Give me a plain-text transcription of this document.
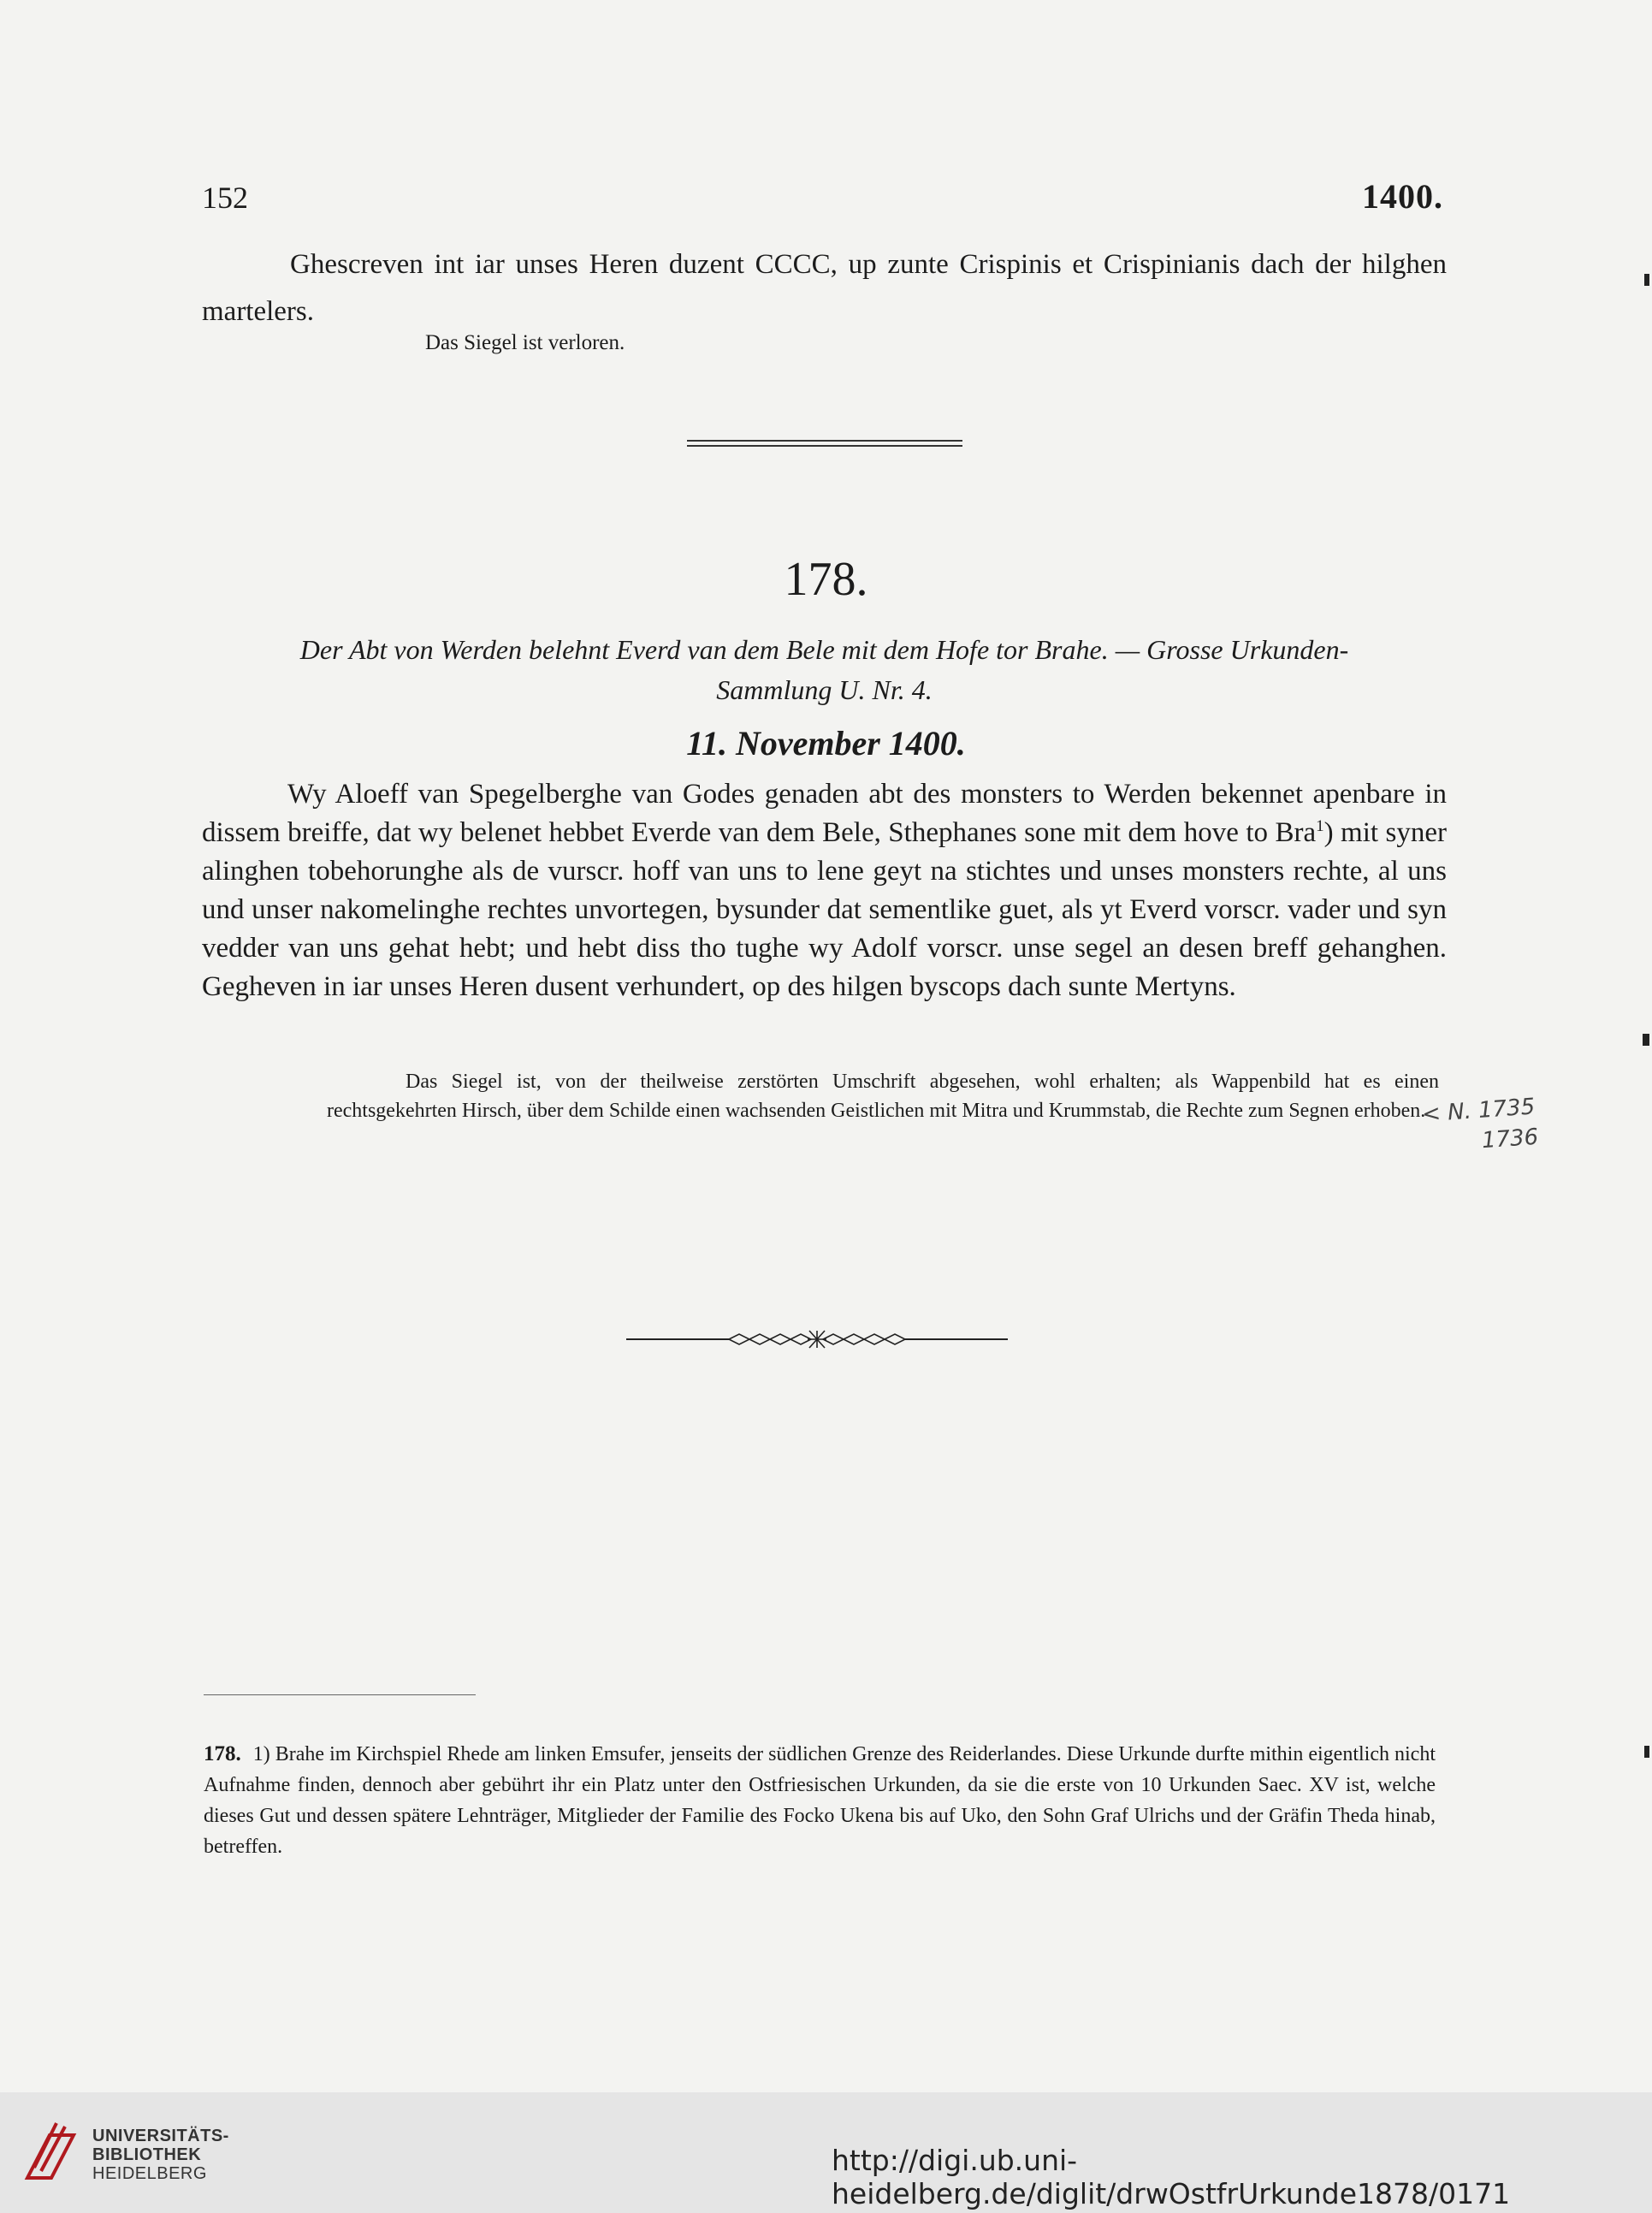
152	1400.

Ghescreven int iar unses Heren duzent CCCC, up zunte Crispinis et Crispinianis dach der hilghen martelers.

Das Siegel ist verloren.
178.
Der Abt von Werden belehnt Everd van dem Bele mit dem Hofe tor Brahe. — Grosse Urkunden-
Sammlung U. Nr. 4.
11. November 1400.

Wy Aloeff van Spegelberghe van Godes genaden abt des monsters to Werden bekennet apenbare in dissem breiffe, dat wy belenet hebbet Everde van dem Bele, Sthephanes sone mit dem hove to Bra$^1$) mit syner alinghen tobehorunghe als de vurscr. hoff van uns to lene geyt na stichtes und unses monsters rechte, al uns und unser nakomelinghe rechtes unvortegen, bysunder dat sementlike guet, als yt Everd vorscr. vader und syn vedder van uns gehat hebt; und hebt diss tho tughe wy Adolf vorscr. unse segel an desen breff gehanghen. Gegheven in iar unses Heren dusent verhundert, op des hilgen byscops dach sunte Mertyns.

Das Siegel ist, von der theilweise zerstörten Umschrift abgesehen, wohl erhalten; als Wappenbild hat es einen rechtsgekehrten Hirsch, über dem Schilde einen wachsenden Geistlichen mit Mitra und Krummstab, die Rechte zum Segnen erhoben.

< N. 1735
1736

178. 1) Brahe im Kirchspiel Rhede am linken Emsufer, jenseits der südlichen Grenze des Reiderlandes. Diese Urkunde durfte mithin eigentlich nicht Aufnahme finden, dennoch aber gebührt ihr ein Platz unter den Ostfriesischen Urkunden, da sie die erste von 10 Urkunden Saec. XV ist, welche dieses Gut und dessen spätere Lehnträger, Mitglieder der Familie des Focko Ukena bis auf Uko, den Sohn Graf Ulrichs und der Gräfin Theda hinab, betreffen.

UNIVERSITÄTS-
BIBLIOTHEK
HEIDELBERG	http://digi.ub.uni-heidelberg.de/diglit/drwOstfrUrkunde1878/0171
